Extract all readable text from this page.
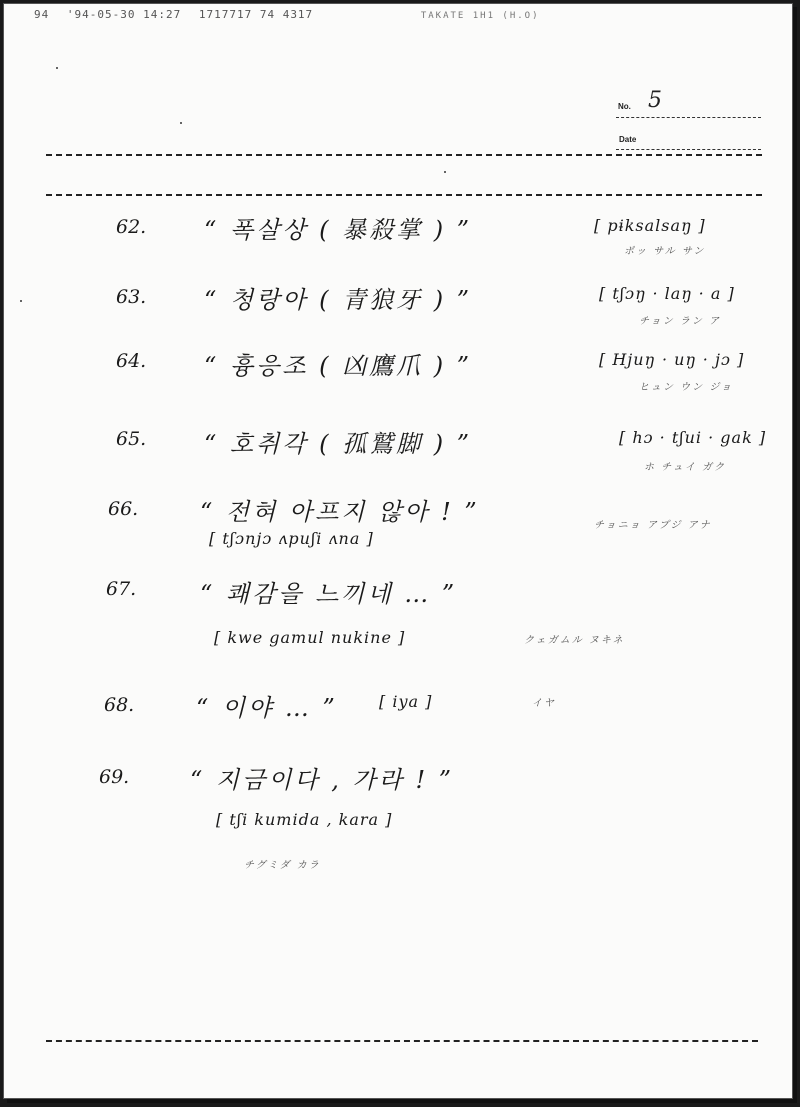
94 '94-05-30 14:27 1717717 74 4317	TAKATE 1H1 (H.O)
No. 5
Date
62. “ 폭살상 ( 暴殺掌 ) ”	[ pɨksalsaŋ ]
ポッ サル サン
63. “ 청랑아 ( 青狼牙 ) ”	[ tʃɔŋ · laŋ · a ]
チョン ラン ア
64. “ 흉응조 ( 凶鷹爪 ) ”	[ Hjuŋ · uŋ · jɔ ]
ヒュン ウン ジョ
65. “ 호취각 ( 孤鷲脚 ) ”	[ hɔ · tʃui · gak ]
ホ チュイ ガク
66.	“ 전혀 아프지 않아 ! ”
[ tʃɔnjɔ ʌpuʃi ʌna ]
チョニョ アプジ アナ
67.	“ 쾌감을 느끼네 … ”
[ kwe gamul nukine ]	クェガムル ヌキネ
68.	“ 이야 … ”	[ iya ]	イヤ
69.	“ 지금이다 , 가라 ! ”
[ tʃi kumida , kara ]
チグミダ カラ
